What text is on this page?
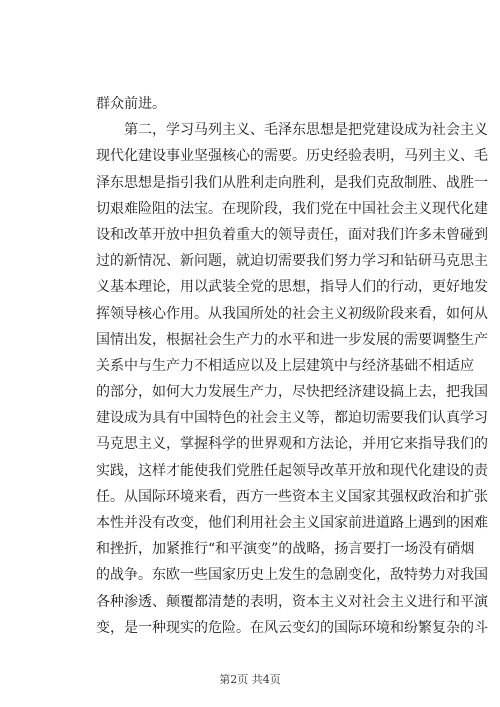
群众前进。
第二，学习马列主义、毛泽东思想是把党建设成为社会主义
现代化建设事业坚强核心的需要。历史经验表明，马列主义、毛
泽东思想是指引我们从胜利走向胜利，是我们克敌制胜、战胜一
切艰难险阻的法宝。在现阶段，我们党在中国社会主义现代化建
设和改革开放中担负着重大的领导责任，面对我们许多未曾碰到
过的新情况、新问题，就迫切需要我们努力学习和钻研马克思主
义基本理论，用以武装全党的思想，指导人们的行动，更好地发
挥领导核心作用。从我国所处的社会主义初级阶段来看，如何从
国情出发，根据社会生产力的水平和进一步发展的需要调整生产
关系中与生产力不相适应以及上层建筑中与经济基础不相适应
的部分，如何大力发展生产力，尽快把经济建设搞上去，把我国
建设成为具有中国特色的社会主义等，都迫切需要我们认真学习
马克思主义，掌握科学的世界观和方法论，并用它来指导我们的
实践，这样才能使我们党胜任起领导改革开放和现代化建设的责
任。从国际环境来看，西方一些资本主义国家其强权政治和扩张
本性并没有改变，他们利用社会主义国家前进道路上遇到的困难
和挫折，加紧推行“和平演变”的战略，扬言要打一场没有硝烟
的战争。东欧一些国家历史上发生的急剧变化，敌特势力对我国
各种渗透、颠覆都清楚的表明，资本主义对社会主义进行和平演
变，是一种现实的危险。在风云变幻的国际环境和纷繁复杂的斗
第2页 共4页
